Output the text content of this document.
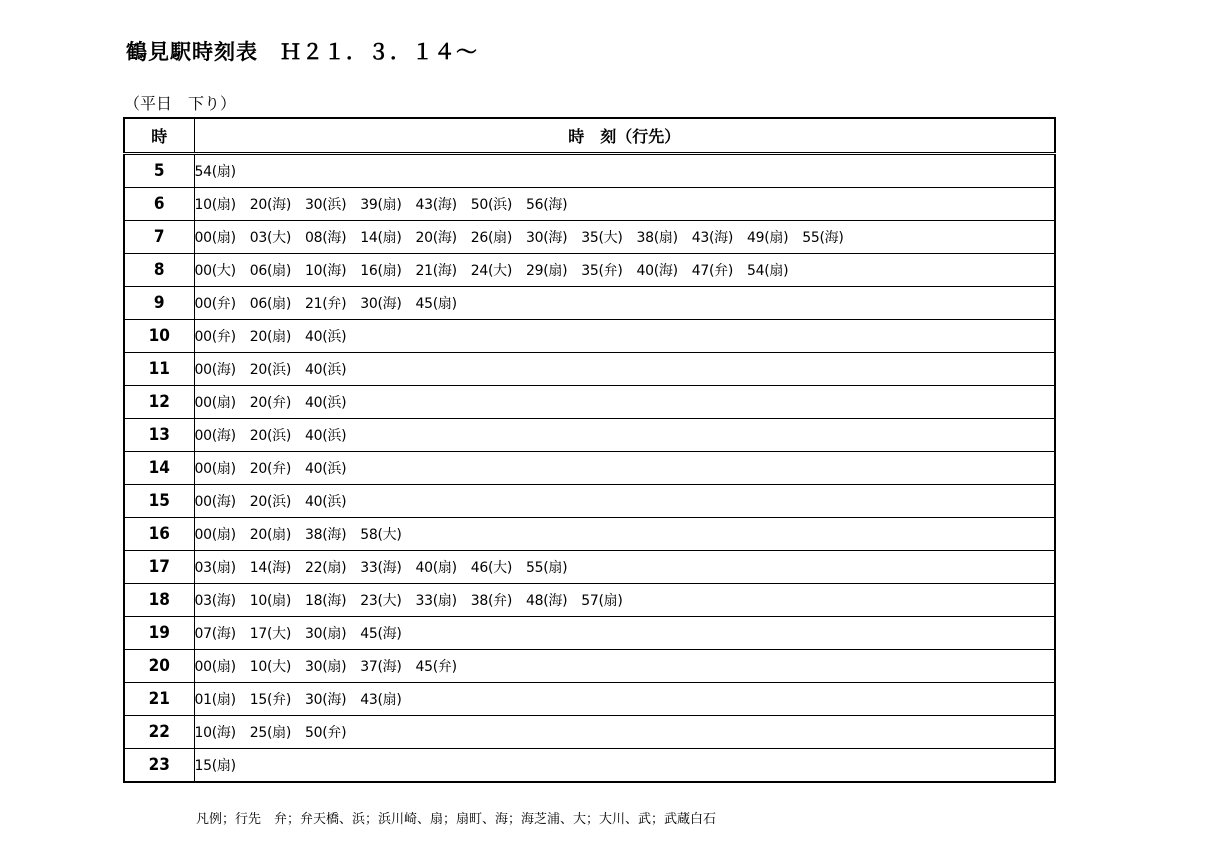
鶴見駅時刻表　Ｈ２１．３．１４～
（平日　下り）
時	時　刻（行先）
5	54(扇)
6	10(扇) 20(海) 30(浜) 39(扇) 43(海) 50(浜) 56(海)
7	00(扇) 03(大) 08(海) 14(扇) 20(海) 26(扇) 30(海) 35(大) 38(扇) 43(海) 49(扇) 55(海)
8	00(大) 06(扇) 10(海) 16(扇) 21(海) 24(大) 29(扇) 35(弁) 40(海) 47(弁) 54(扇)
9	00(弁) 06(扇) 21(弁) 30(海) 45(扇)
10	00(弁) 20(扇) 40(浜)
11	00(海) 20(浜) 40(浜)
12	00(扇) 20(弁) 40(浜)
13	00(海) 20(浜) 40(浜)
14	00(扇) 20(弁) 40(浜)
15	00(海) 20(浜) 40(浜)
16	00(扇) 20(扇) 38(海) 58(大)
17	03(扇) 14(海) 22(扇) 33(海) 40(扇) 46(大) 55(扇)
18	03(海) 10(扇) 18(海) 23(大) 33(扇) 38(弁) 48(海) 57(扇)
19	07(海) 17(大) 30(扇) 45(海)
20	00(扇) 10(大) 30(扇) 37(海) 45(弁)
21	01(扇) 15(弁) 30(海) 43(扇)
22	10(海) 25(扇) 50(弁)
23	15(扇)
凡例；行先　弁；弁天橋、浜；浜川崎、扇；扇町、海；海芝浦、大；大川、武；武蔵白石
